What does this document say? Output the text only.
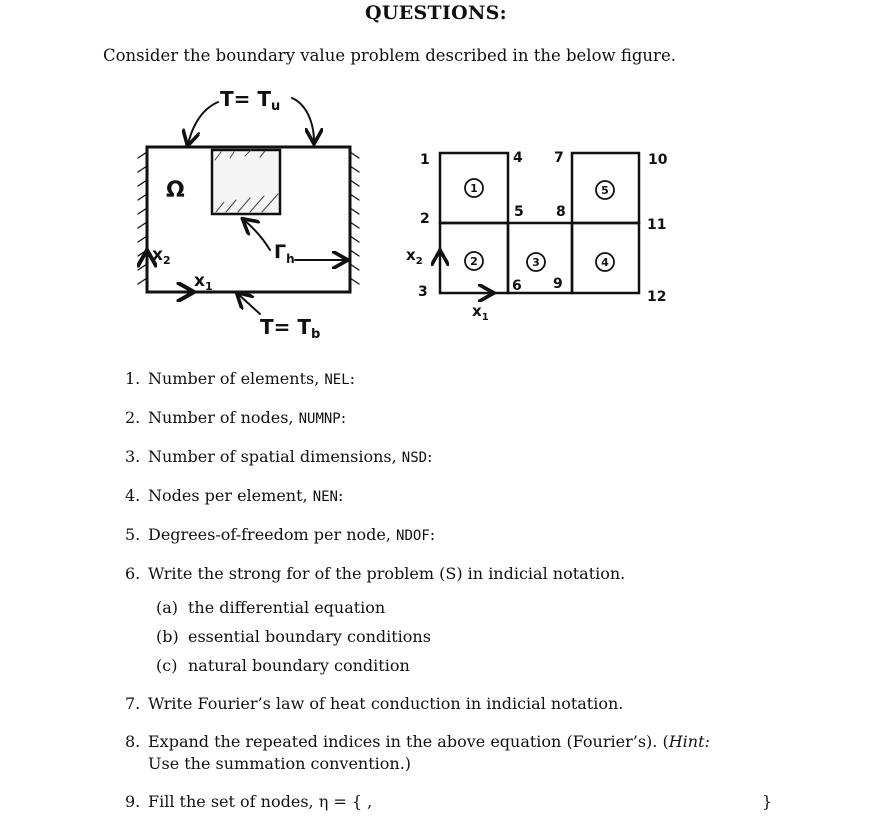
QUESTIONS:
Consider the boundary value problem described in the below figure.
$T= T_u$
$T= T_b$
Ω
$x_1$
$x_2$	$\Gamma_h$
1
2	3	4
5
1
2
3
4
5
6
7
8
9
10
11
12
$x_1$
$x_2$
1. Number of elements, NEL:
2. Number of nodes, NUMNP:
3. Number of spatial dimensions, NSD:
4. Nodes per element, NEN:
5. Degrees-of-freedom per node, NDOF:
6. Write the strong for of the problem (S) in indicial notation.
(a) the differential equation
(b) essential boundary conditions
(c) natural boundary condition
7. Write Fourier’s law of heat conduction in indicial notation.
8. Expand the repeated indices in the above equation (Fourier’s). (Hint:
Use the summation convention.)
9. Fill the set of nodes, η = { ,	}
